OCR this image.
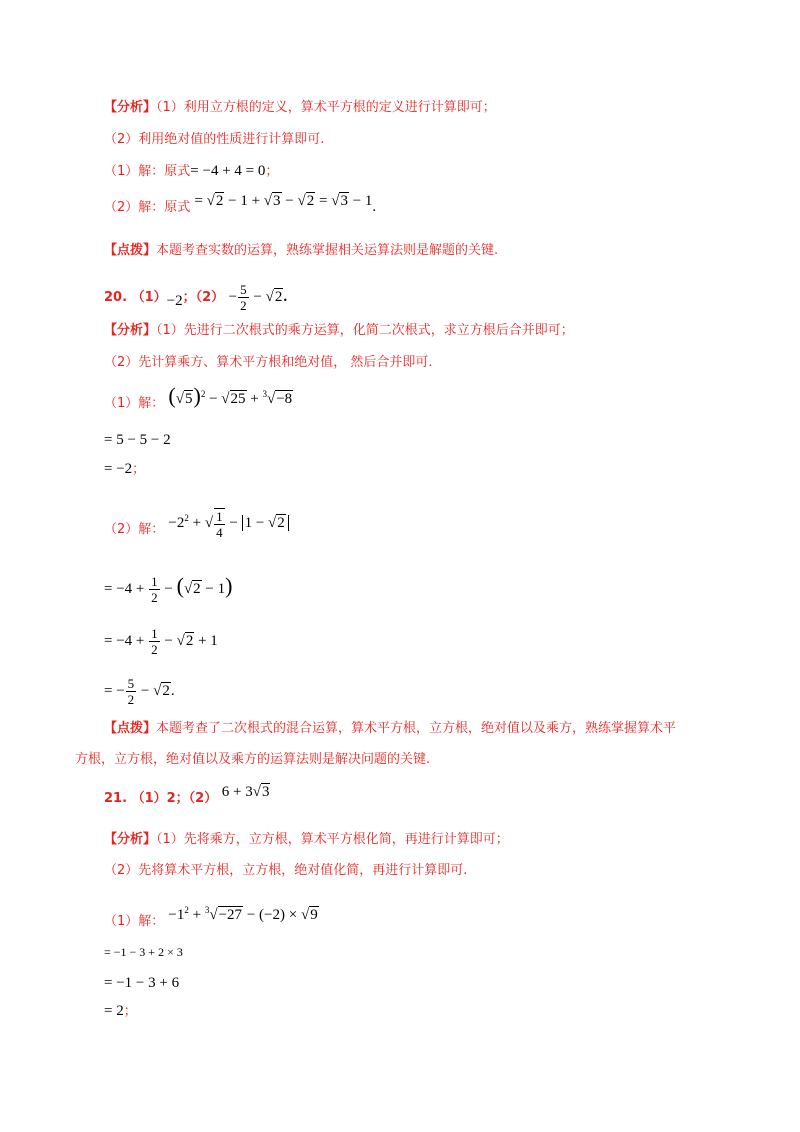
【分析】（1）利用立方根的定义，算术平方根的定义进行计算即可；
（2）利用绝对值的性质进行计算即可.
（1）解：原式= −4 + 4 = 0；
（2）解：原式 = √2 − 1 + √3 − √2 = √3 − 1.
【点拨】本题考查实数的运算，熟练掌握相关运算法则是解题的关键.
20. （1）−2；$(2) - \frac{5}{2} - √2$.
【分析】（1）先进行二次根式的乘方运算，化简二次根式，求立方根后合并即可；
（2）先计算乘方、算术平方根和绝对值， 然后合并即可.
（1）解： $(√5)^2 - √25 + ^3√-8$
= 5 − 5 − 2
= −2；
（2）解： $-2^2$ + √ $\frac{1}{4} - 1 - √2$
= $-4 + \frac{1}{2} - (√2 - 1)$
= $-4 + \frac{1}{2} - √2 + 1$
= − $\frac{5}{2} - √2$.
【点拨】本题考查了二次根式的混合运算，算术平方根，立方根，绝对值以及乘方，熟练掌握算术平
方根，立方根，绝对值以及乘方的运算法则是解决问题的关键.
21. （1）2；（2） 6 + 3√3
【分析】（1）先将乘方，立方根，算术平方根化简，再进行计算即可；
（2）先将算术平方根，立方根，绝对值化简，再进行计算即可.
（1）解： $-1^2 + ^3√-27 - (-2) \times √9$
= −1 − 3 + 2 × 3
= −1 − 3 + 6
= 2；
